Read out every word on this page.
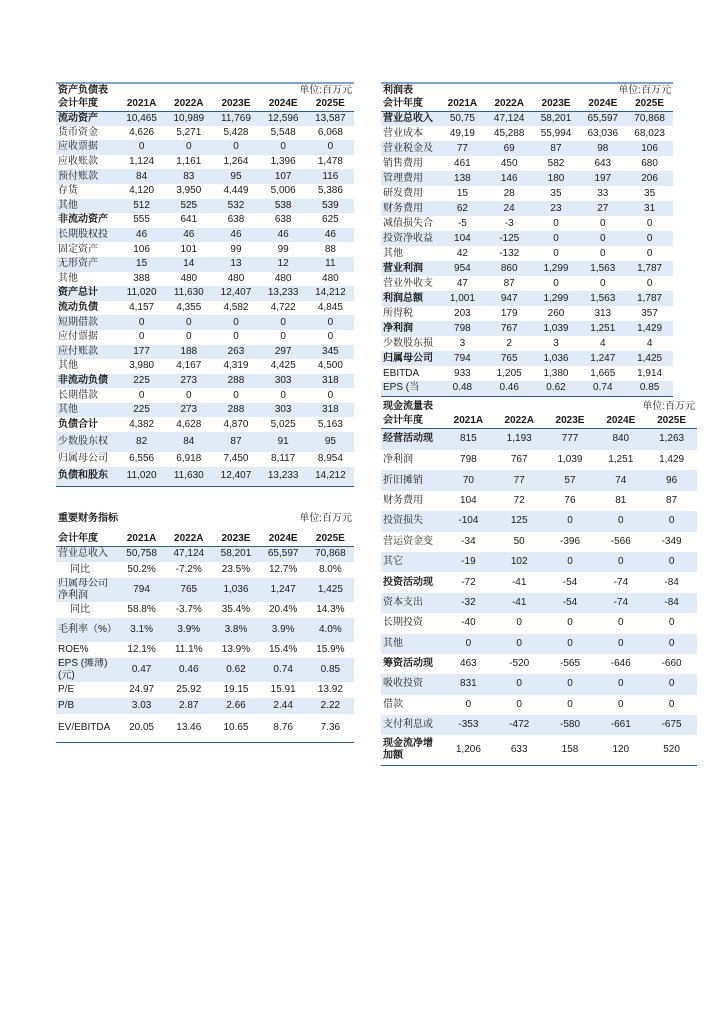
资产负债表			单位:百万元		
会计年度	2021A	2022A	2023E	2024E	2025E
流动资产	10,465	10,989	11,769	12,596	13,587
货币资金	4,626	5,271	5,428	5,548	6,068
应收票据	0	0	0	0	0
应收账款	1,124	1,161	1,264	1,396	1,478
预付账款	84	83	95	107	116
存货	4,120	3,950	4,449	5,006	5,386
其他	512	525	532	538	539
非流动资产	555	641	638	638	625
长期股权投	46	46	46	46	46
固定资产	106	101	99	99	88
无形资产	15	14	13	12	11
其他	388	480	480	480	480
资产总计	11,020	11,630	12,407	13,233	14,212
流动负债	4,157	4,355	4,582	4,722	4,845
短期借款	0	0	0	0	0
应付票据	0	0	0	0	0
应付账款	177	188	263	297	345
其他	3,980	4,167	4,319	4,425	4,500
非流动负债	225	273	288	303	318
长期借款	0	0	0	0	0
其他	225	273	288	303	318
负债合计	4,382	4,628	4,870	5,025	5,163
少数股东权	82	84	87	91	95
归属母公司	6,556	6,918	7,450	8,117	8,954
负债和股东	11,020	11,630	12,407	13,233	14,212
利润表			单位:百万元		
会计年度	2021A	2022A	2023E	2024E	2025E
营业总收入	50,75	47,124	58,201	65,597	70,868
营业成本	49,19	45,288	55,994	63,036	68,023
营业税金及	77	69	87	98	106
销售费用	461	450	582	643	680
管理费用	138	146	180	197	206
研发费用	15	28	35	33	35
财务费用	62	24	23	27	31
减值损失合	-5	-3	0	0	0
投资净收益	104	-125	0	0	0
其他	42	-132	0	0	0
营业利润	954	860	1,299	1,563	1,787
营业外收支	47	87	0	0	0
利润总额	1,001	947	1,299	1,563	1,787
所得税	203	179	260	313	357
净利润	798	767	1,039	1,251	1,429
少数股东损	3	2	3	4	4
归属母公司	794	765	1,036	1,247	1,425
EBITDA	933	1,205	1,380	1,665	1,914
EPS (当	0.48	0.46	0.62	0.74	0.85
现金流量表			单位:百万元		
会计年度	2021A	2022A	2023E	2024E	2025E
经营活动现	815	1,193	777	840	1,263
净利润	798	767	1,039	1,251	1,429
折旧摊销	70	77	57	74	96
财务费用	104	72	76	81	87
投资损失	-104	125	0	0	0
营运资金变	-34	50	-396	-566	-349
其它	-19	102	0	0	0
投资活动现	-72	-41	-54	-74	-84
资本支出	-32	-41	-54	-74	-84
长期投资	-40	0	0	0	0
其他	0	0	0	0	0
筹资活动现	463	-520	-565	-646	-660
吸收投资	831	0	0	0	0
借款	0	0	0	0	0
支付利息或	-353	-472	-580	-661	-675
现金流净增加额	1,206	633	158	120	520
重要财务指标				单位:百万元	
会计年度	2021A	2022A	2023E	2024E	2025E
营业总收入	50,758	47,124	58,201	65,597	70,868
同比	50.2%	-7.2%	23.5%	12.7%	8.0%
归属母公司净利润	794	765	1,036	1,247	1,425
同比	58.8%	-3.7%	35.4%	20.4%	14.3%
毛利率（%）	3.1%	3.9%	3.8%	3.9%	4.0%
ROE%	12.1%	11.1%	13.9%	15.4%	15.9%
EPS (摊薄)(元)	0.47	0.46	0.62	0.74	0.85
P/E	24.97	25.92	19.15	15.91	13.92
P/B	3.03	2.87	2.66	2.44	2.22
EV/EBITDA	20.05	13.46	10.65	8.76	7.36
